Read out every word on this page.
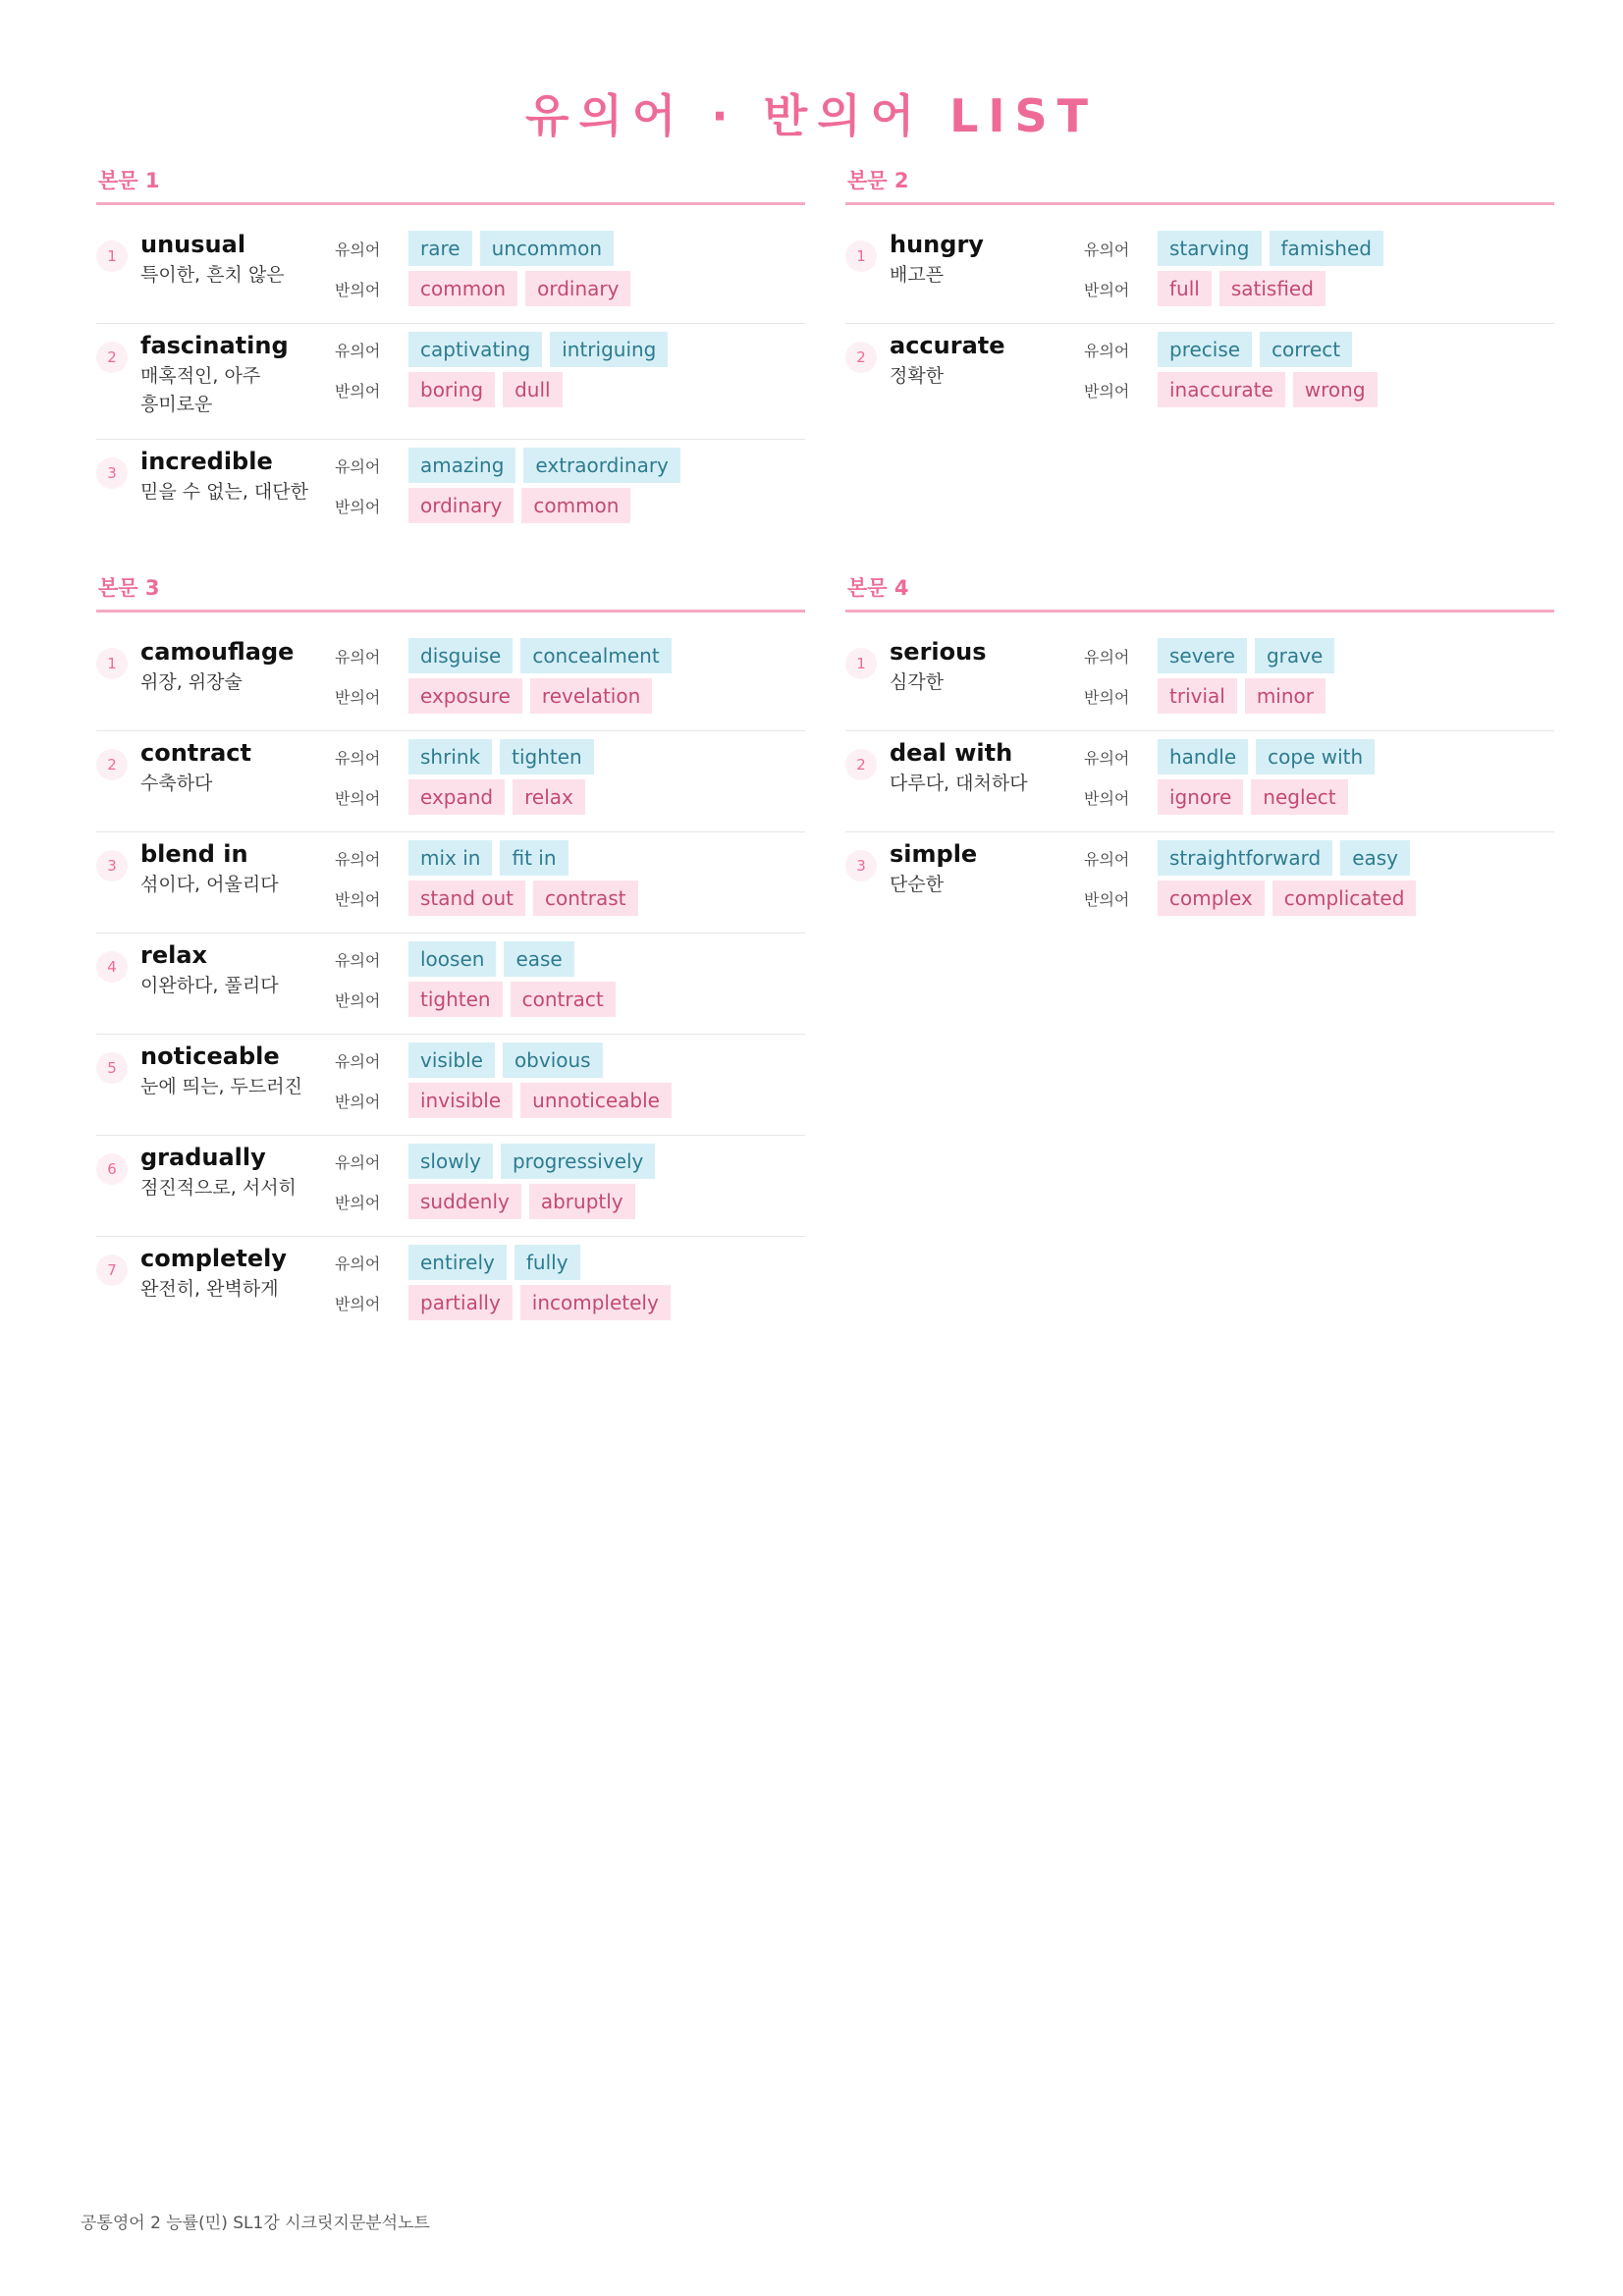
유의어 · 반의어 LIST
본문 1
1	unusual
특이한, 흔치 않은
유의어	rare	uncommon
반의어	common	ordinary
2	fascinating
매혹적인, 아주 흥미로운
유의어	captivating	intriguing
반의어	boring	dull
3	incredible
믿을 수 없는, 대단한
유의어	amazing	extraordinary
반의어	ordinary	common
본문 2
1	hungry
배고픈
유의어	starving	famished
반의어	full	satisfied
2	accurate
정확한
유의어	precise	correct
반의어	inaccurate	wrong
본문 3
1	camouflage
위장, 위장술
유의어	disguise	concealment
반의어	exposure	revelation
2	contract
수축하다
유의어	shrink	tighten
반의어	expand	relax
3	blend in
섞이다, 어울리다
유의어	mix in	fit in
반의어	stand out	contrast
4	relax
이완하다, 풀리다
유의어	loosen	ease
반의어	tighten	contract
5	noticeable
눈에 띄는, 두드러진
유의어	visible	obvious
반의어	invisible	unnoticeable
6	gradually
점진적으로, 서서히
유의어	slowly	progressively
반의어	suddenly	abruptly
7	completely
완전히, 완벽하게
유의어	entirely	fully
반의어	partially	incompletely
본문 4
1	serious
심각한
유의어	severe	grave
반의어	trivial	minor
2	deal with
다루다, 대처하다
유의어	handle	cope with
반의어	ignore	neglect
3	simple
단순한
유의어	straightforward	easy
반의어	complex	complicated
공통영어 2 능률(민) SL1강 시크릿지문분석노트
